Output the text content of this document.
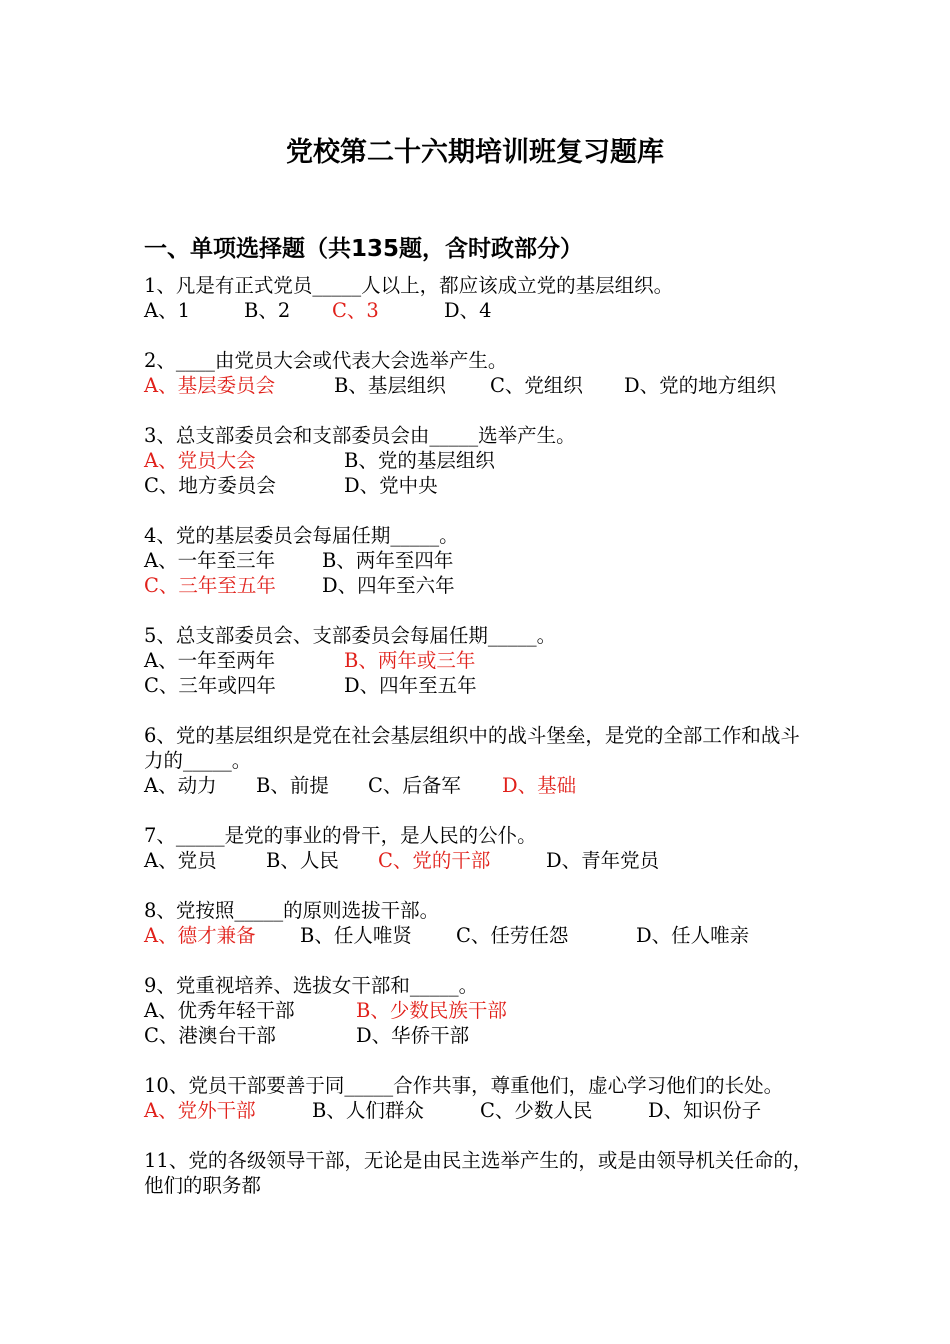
党校第二十六期培训班复习题库
一、单项选择题（共135题，含时政部分）
1、凡是有正式党员_____人以上，都应该成立党的基层组织。
A、1	B、2	C、3	D、4
2、____由党员大会或代表大会选举产生。
A、基层委员会	B、基层组织	C、党组织	D、党的地方组织
3、总支部委员会和支部委员会由_____选举产生。
A、党员大会	B、党的基层组织
C、地方委员会	D、党中央
4、党的基层委员会每届任期_____。
A、一年至三年	B、两年至四年
C、三年至五年	D、四年至六年
5、总支部委员会、支部委员会每届任期_____。
A、一年至两年	B、两年或三年
C、三年或四年	D、四年至五年
6、党的基层组织是党在社会基层组织中的战斗堡垒，是党的全部工作和战斗力的_____。
A、动力	B、前提	C、后备军	D、基础
7、_____是党的事业的骨干，是人民的公仆。
A、党员	B、人民	C、党的干部	D、青年党员
8、党按照_____的原则选拔干部。
A、德才兼备	B、任人唯贤	C、任劳任怨	D、任人唯亲
9、党重视培养、选拔女干部和_____。
A、优秀年轻干部	B、少数民族干部
C、港澳台干部	D、华侨干部
10、党员干部要善于同_____合作共事，尊重他们，虚心学习他们的长处。
A、党外干部	B、人们群众	C、少数人民	D、知识份子
11、党的各级领导干部，无论是由民主选举产生的，或是由领导机关任命的，他们的职务都
